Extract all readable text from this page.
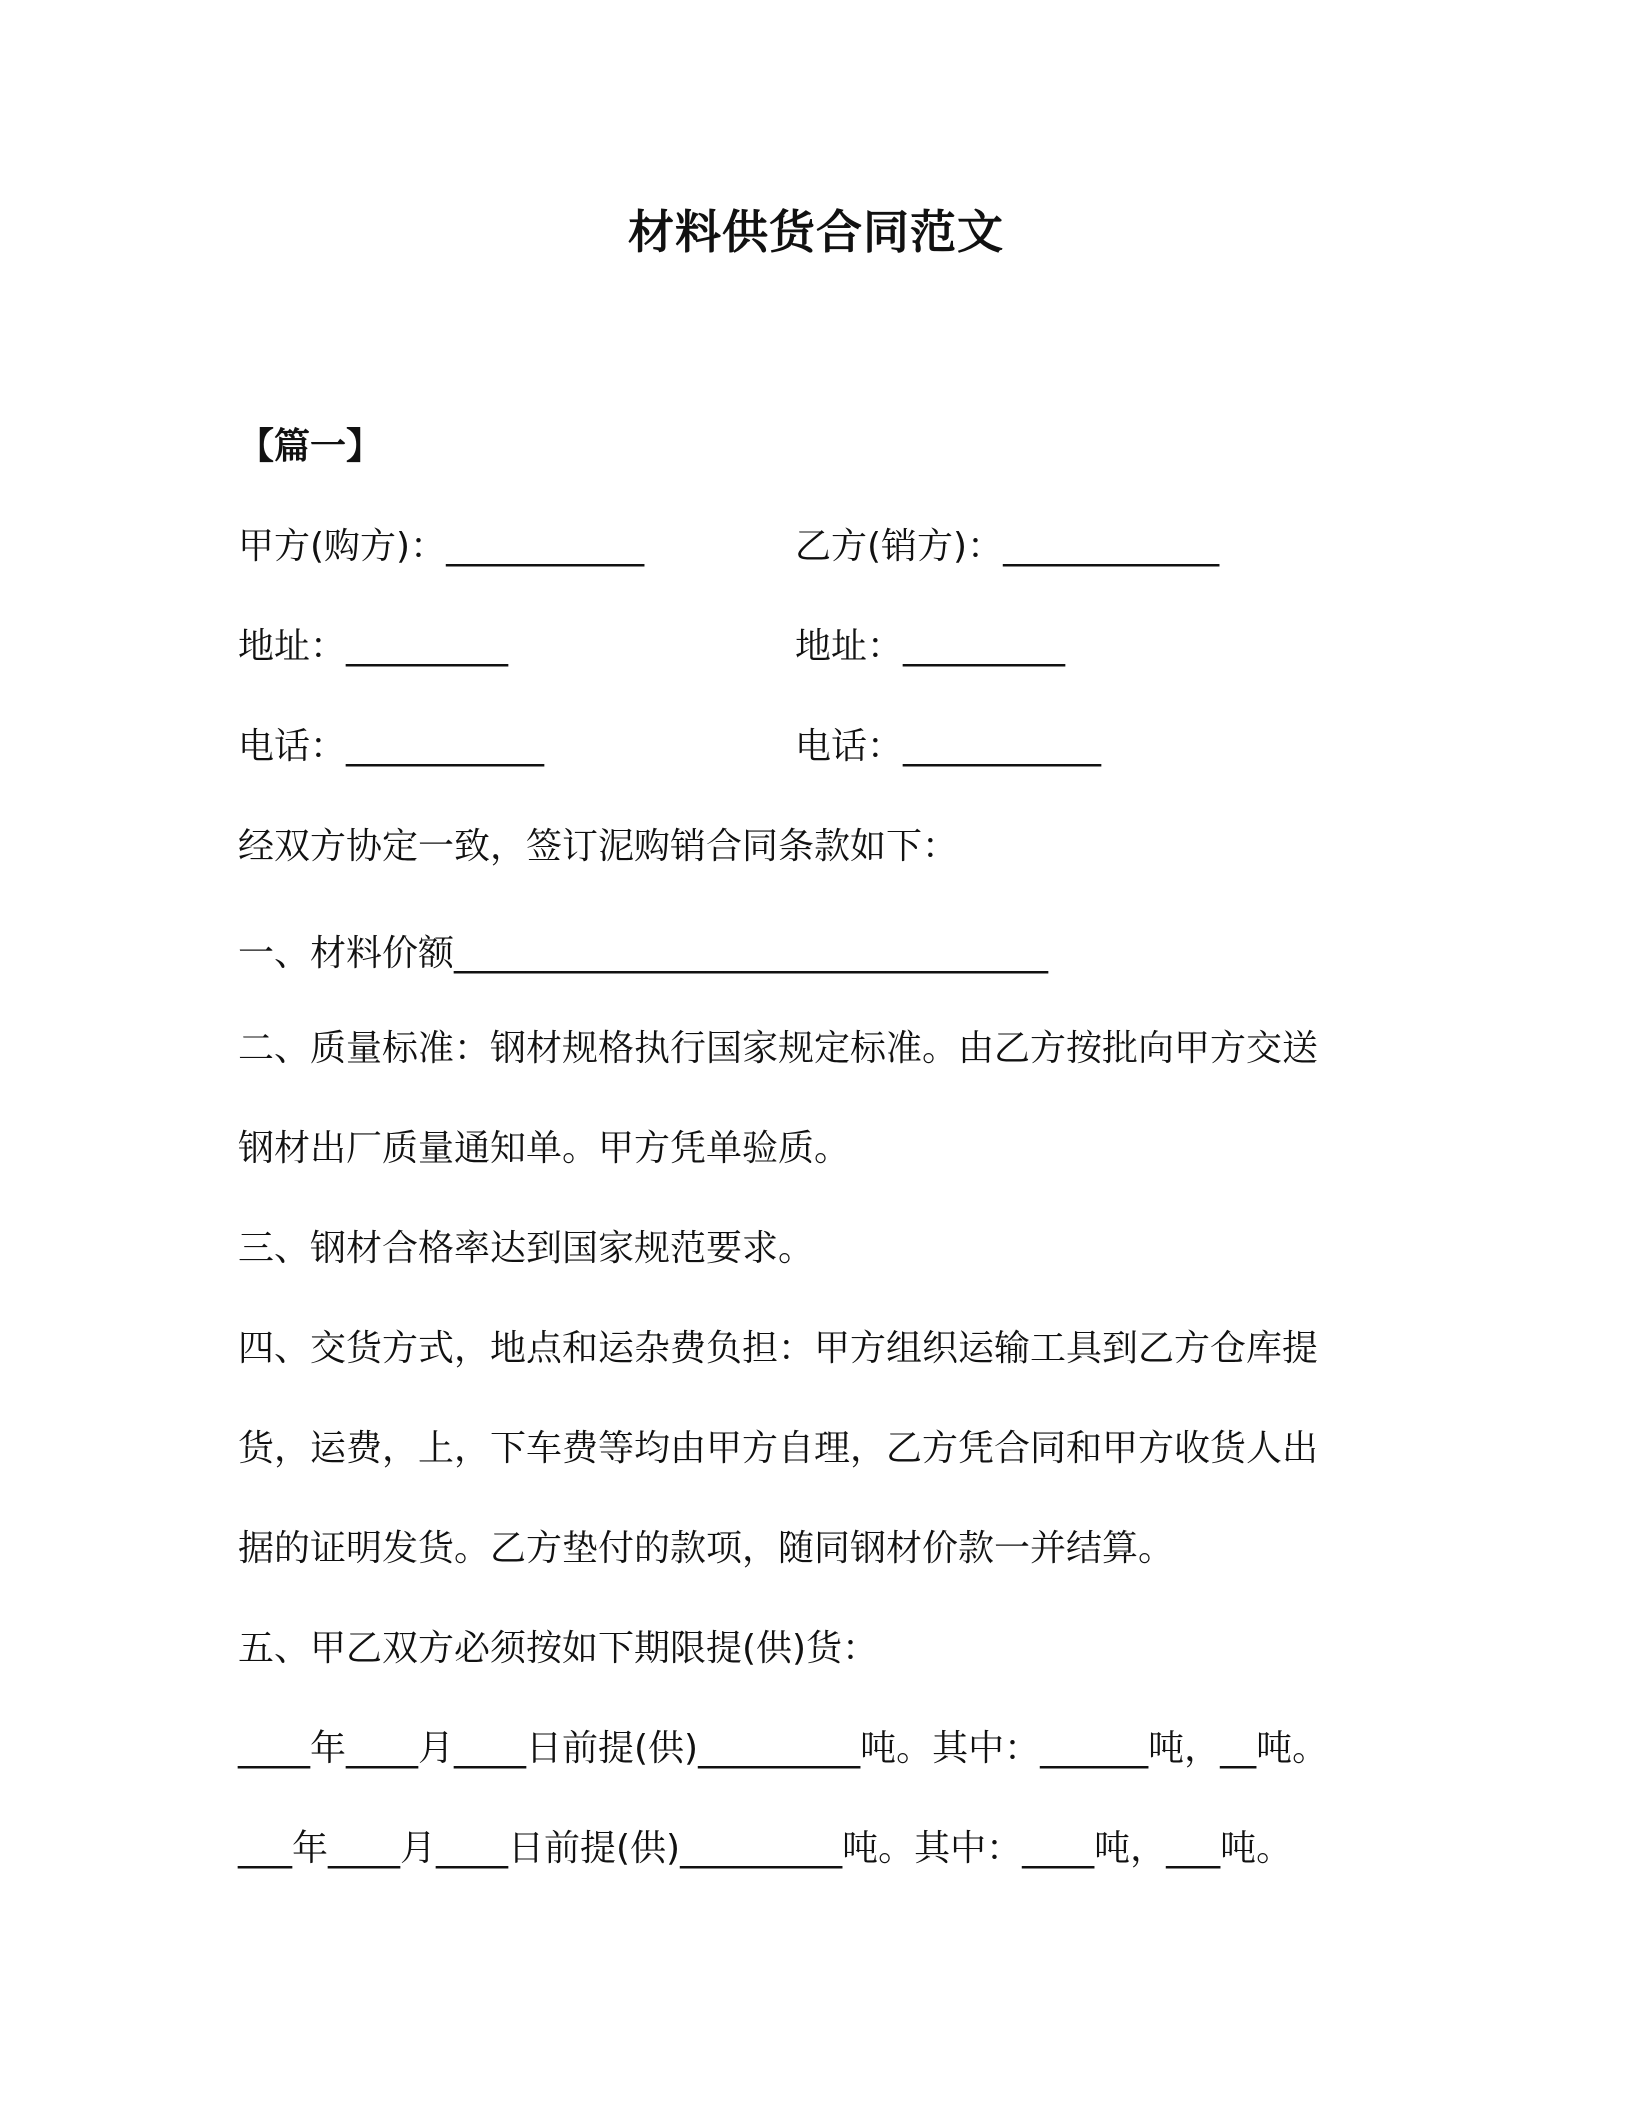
材料供货合同范文
【篇一】
甲方(购方)：___________	乙方(销方)：____________
地址：_________	地址：_________
电话：___________	电话：___________
经双方协定一致，签订泥购销合同条款如下：
一、材料价额_________________________________
二、质量标准：钢材规格执行国家规定标准。由乙方按批向甲方交送
钢材出厂质量通知单。甲方凭单验质。
三、钢材合格率达到国家规范要求。
四、交货方式，地点和运杂费负担：甲方组织运输工具到乙方仓库提
货，运费，上，下车费等均由甲方自理，乙方凭合同和甲方收货人出
据的证明发货。乙方垫付的款项，随同钢材价款一并结算。
五、甲乙双方必须按如下期限提(供)货：
____年____月____日前提(供)_________吨。其中：______吨，__吨。
___年____月____日前提(供)_________吨。其中：____吨，___吨。
